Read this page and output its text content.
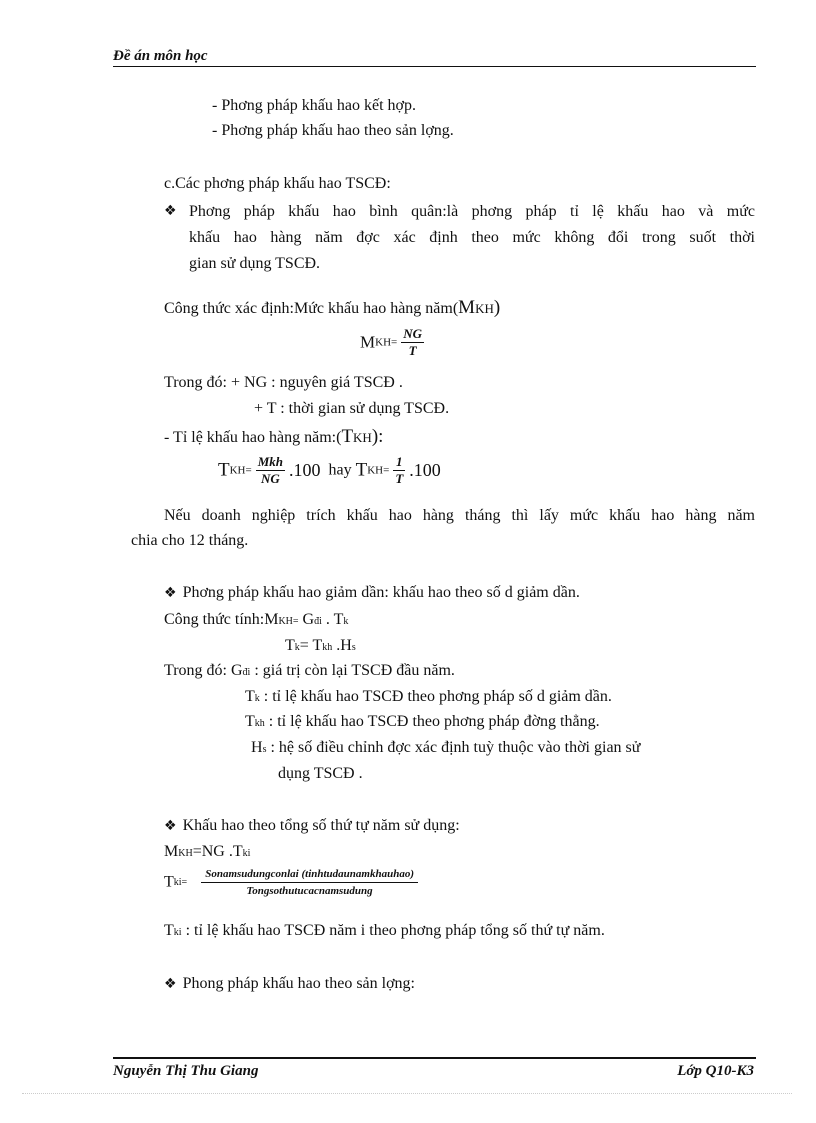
Đề án môn học
- Phơng pháp khấu hao kết hợp.
- Phơng pháp khấu hao theo sản lợng.
c.Các phơng pháp khấu hao TSCĐ:
❖ Phơng pháp khấu hao bình quân:là phơng pháp tỉ lệ khấu hao và mức
khấu hao hàng năm đợc xác định theo mức không đổi trong suốt thời
gian sử dụng TSCĐ.
Công thức xác định:Mức khấu hao hàng năm(MKH)
$MKH= \frac{NG}{T}$
Trong đó: + NG : nguyên giá TSCĐ .
+ T : thời gian sử dụng TSCĐ.
- Tỉ lệ khấu hao hàng năm:(TKH):
$TKH= \frac{\text{Mkh}}{NG} .100$ hay $TKH= \frac{1}{T} .100$
Nếu doanh nghiệp trích khấu hao hàng tháng thì lấy mức khấu hao hàng năm
chia cho 12 tháng.
❖ Phơng pháp khấu hao giảm dần: khấu hao theo số d giảm dần.
Công thức tính:MKH= Gđi . Tk
Tk= Tkh .Hs
Trong đó: Gđi : giá trị còn lại TSCĐ đầu năm.
Tk : tỉ lệ khấu hao TSCĐ theo phơng pháp số d giảm dần.
Tkh : tỉ lệ khấu hao TSCĐ theo phơng pháp đờng thẳng.
Hs : hệ số điều chỉnh đợc xác định tuỳ thuộc vào thời gian sử
dụng TSCĐ .
❖ Khấu hao theo tổng số thứ tự năm sử dụng:
MKH=NG .Tki
$Tki= \frac{\text{Sonamsudungconlai (tinhtudaunamkhauhao)}}{\text{Tongsothutucacnamsudung}}$
Tki : tỉ lệ khấu hao TSCĐ năm i theo phơng pháp tổng số thứ tự năm.
❖ Phong pháp khấu hao theo sản lợng:
Nguyễn Thị Thu Giang	Lớp Q10-K3
